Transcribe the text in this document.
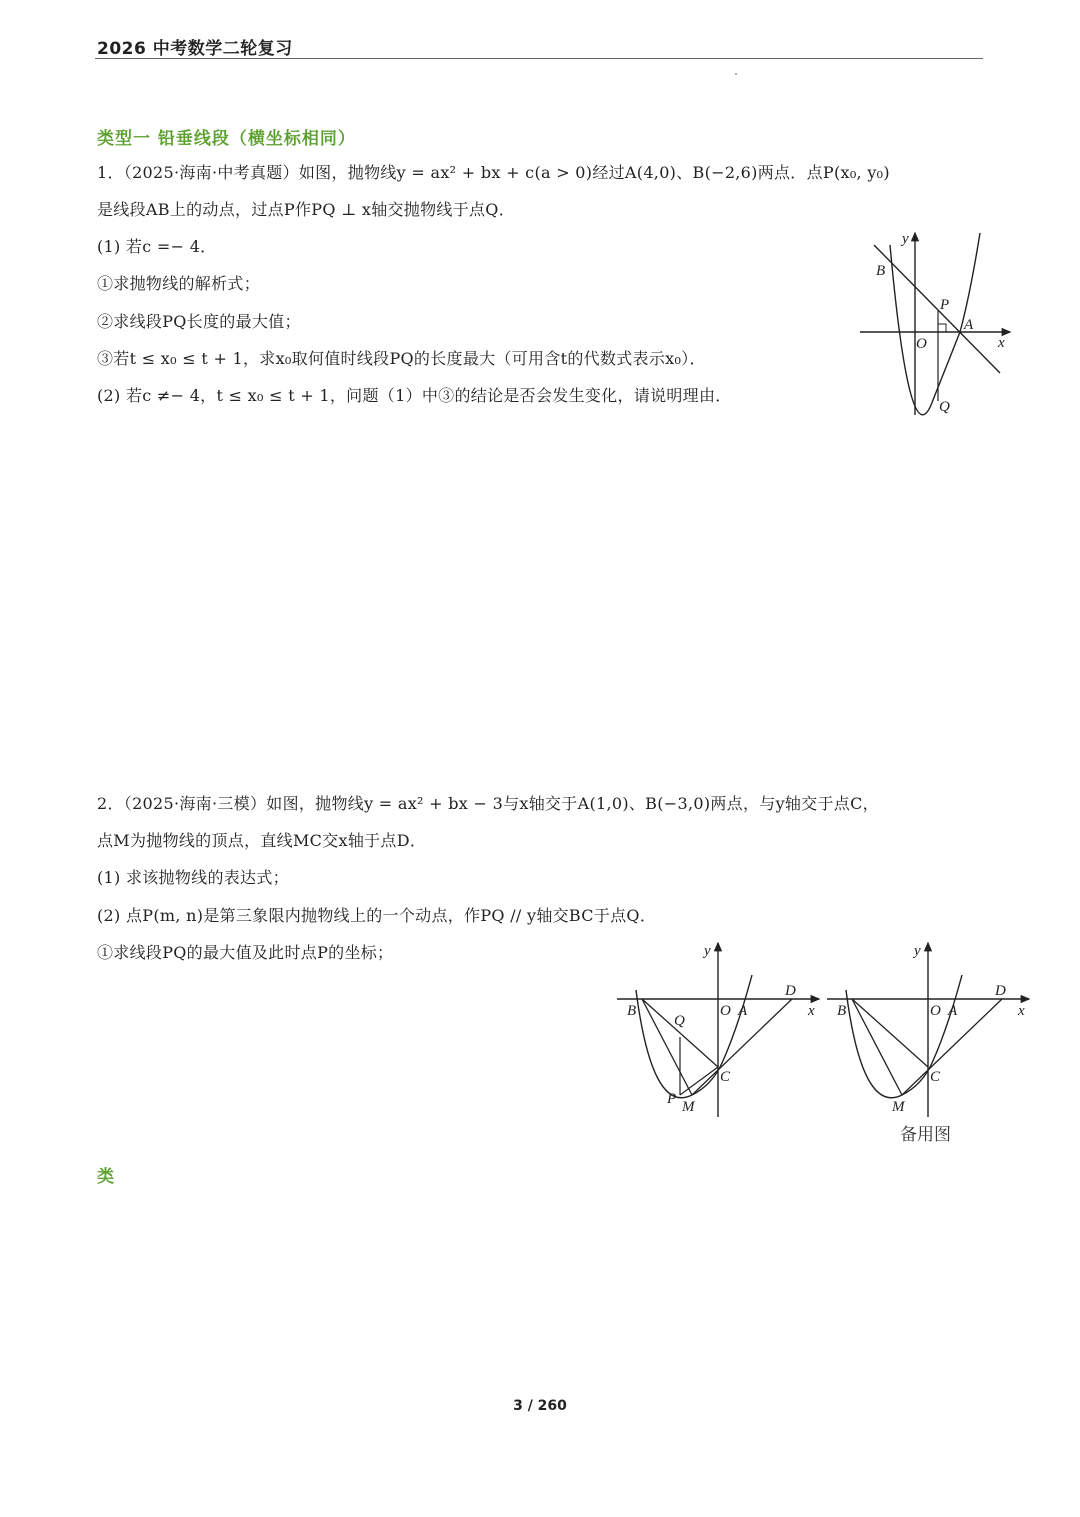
2026 中考数学二轮复习
类型一 铅垂线段（横坐标相同）
1．（2025·海南·中考真题）如图，抛物线y = ax² + bx + c(a > 0)经过A(4,0)、B(−2,6)两点．点P(x₀, y₀)
是线段AB上的动点，过点P作PQ ⊥ x轴交抛物线于点Q．
(1) 若c =− 4．
①求抛物线的解析式；
②求线段PQ长度的最大值；
③若t ≤ x₀ ≤ t + 1，求x₀取何值时线段PQ的长度最大（可用含t的代数式表示x₀）．
(2) 若c ≠− 4，t ≤ x₀ ≤ t + 1，问题（1）中③的结论是否会发生变化，请说明理由．
y
x
B
P
A
O
Q
2．（2025·海南·三模）如图，抛物线y = ax² + bx − 3与x轴交于A(1,0)、B(−3,0)两点，与y轴交于点C，
点M为抛物线的顶点，直线MC交x轴于点D．
(1) 求该抛物线的表达式；
(2) 点P(m, n)是第三象限内抛物线上的一个动点，作PQ // y轴交BC于点Q．
①求线段PQ的最大值及此时点P的坐标；	y
x
B	O A
D
Q
C
P M
y
x
B	O A
D
C
M
备用图
类
3 / 260
